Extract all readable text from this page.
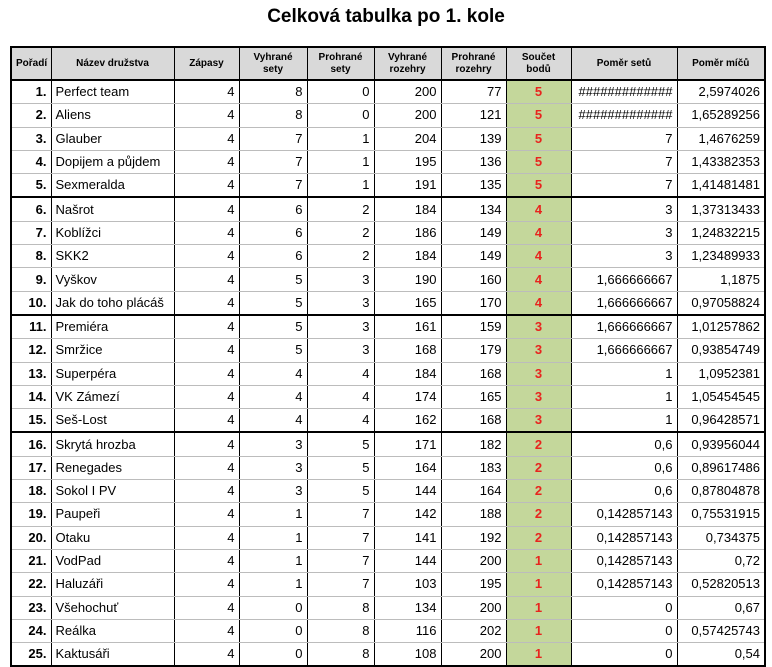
Celková tabulka po 1. kole
Pořadí	Název družstva	Zápasy	Vyhrané sety	Prohrané sety	Vyhrané rozehry	Prohrané rozehry	Součet bodů	Poměr setů	Poměr míčů
1.	Perfect team	4	8	0	200	77	5	#############	2,5974026
2.	Aliens	4	8	0	200	121	5	#############	1,65289256
3.	Glauber	4	7	1	204	139	5	7	1,4676259
4.	Dopijem a půjdem	4	7	1	195	136	5	7	1,43382353
5.	Sexmeralda	4	7	1	191	135	5	7	1,41481481
6.	Našrot	4	6	2	184	134	4	3	1,37313433
7.	Koblížci	4	6	2	186	149	4	3	1,24832215
8.	SKK2	4	6	2	184	149	4	3	1,23489933
9.	Vyškov	4	5	3	190	160	4	1,666666667	1,1875
10.	Jak do toho plácáš	4	5	3	165	170	4	1,666666667	0,97058824
11.	Premiéra	4	5	3	161	159	3	1,666666667	1,01257862
12.	Smržice	4	5	3	168	179	3	1,666666667	0,93854749
13.	Superpéra	4	4	4	184	168	3	1	1,0952381
14.	VK Zámezí	4	4	4	174	165	3	1	1,05454545
15.	Seš-Lost	4	4	4	162	168	3	1	0,96428571
16.	Skrytá hrozba	4	3	5	171	182	2	0,6	0,93956044
17.	Renegades	4	3	5	164	183	2	0,6	0,89617486
18.	Sokol I PV	4	3	5	144	164	2	0,6	0,87804878
19.	Paupeři	4	1	7	142	188	2	0,142857143	0,75531915
20.	Otaku	4	1	7	141	192	2	0,142857143	0,734375
21.	VodPad	4	1	7	144	200	1	0,142857143	0,72
22.	Haluzáři	4	1	7	103	195	1	0,142857143	0,52820513
23.	Všehochuť	4	0	8	134	200	1	0	0,67
24.	Reálka	4	0	8	116	202	1	0	0,57425743
25.	Kaktusáři	4	0	8	108	200	1	0	0,54
